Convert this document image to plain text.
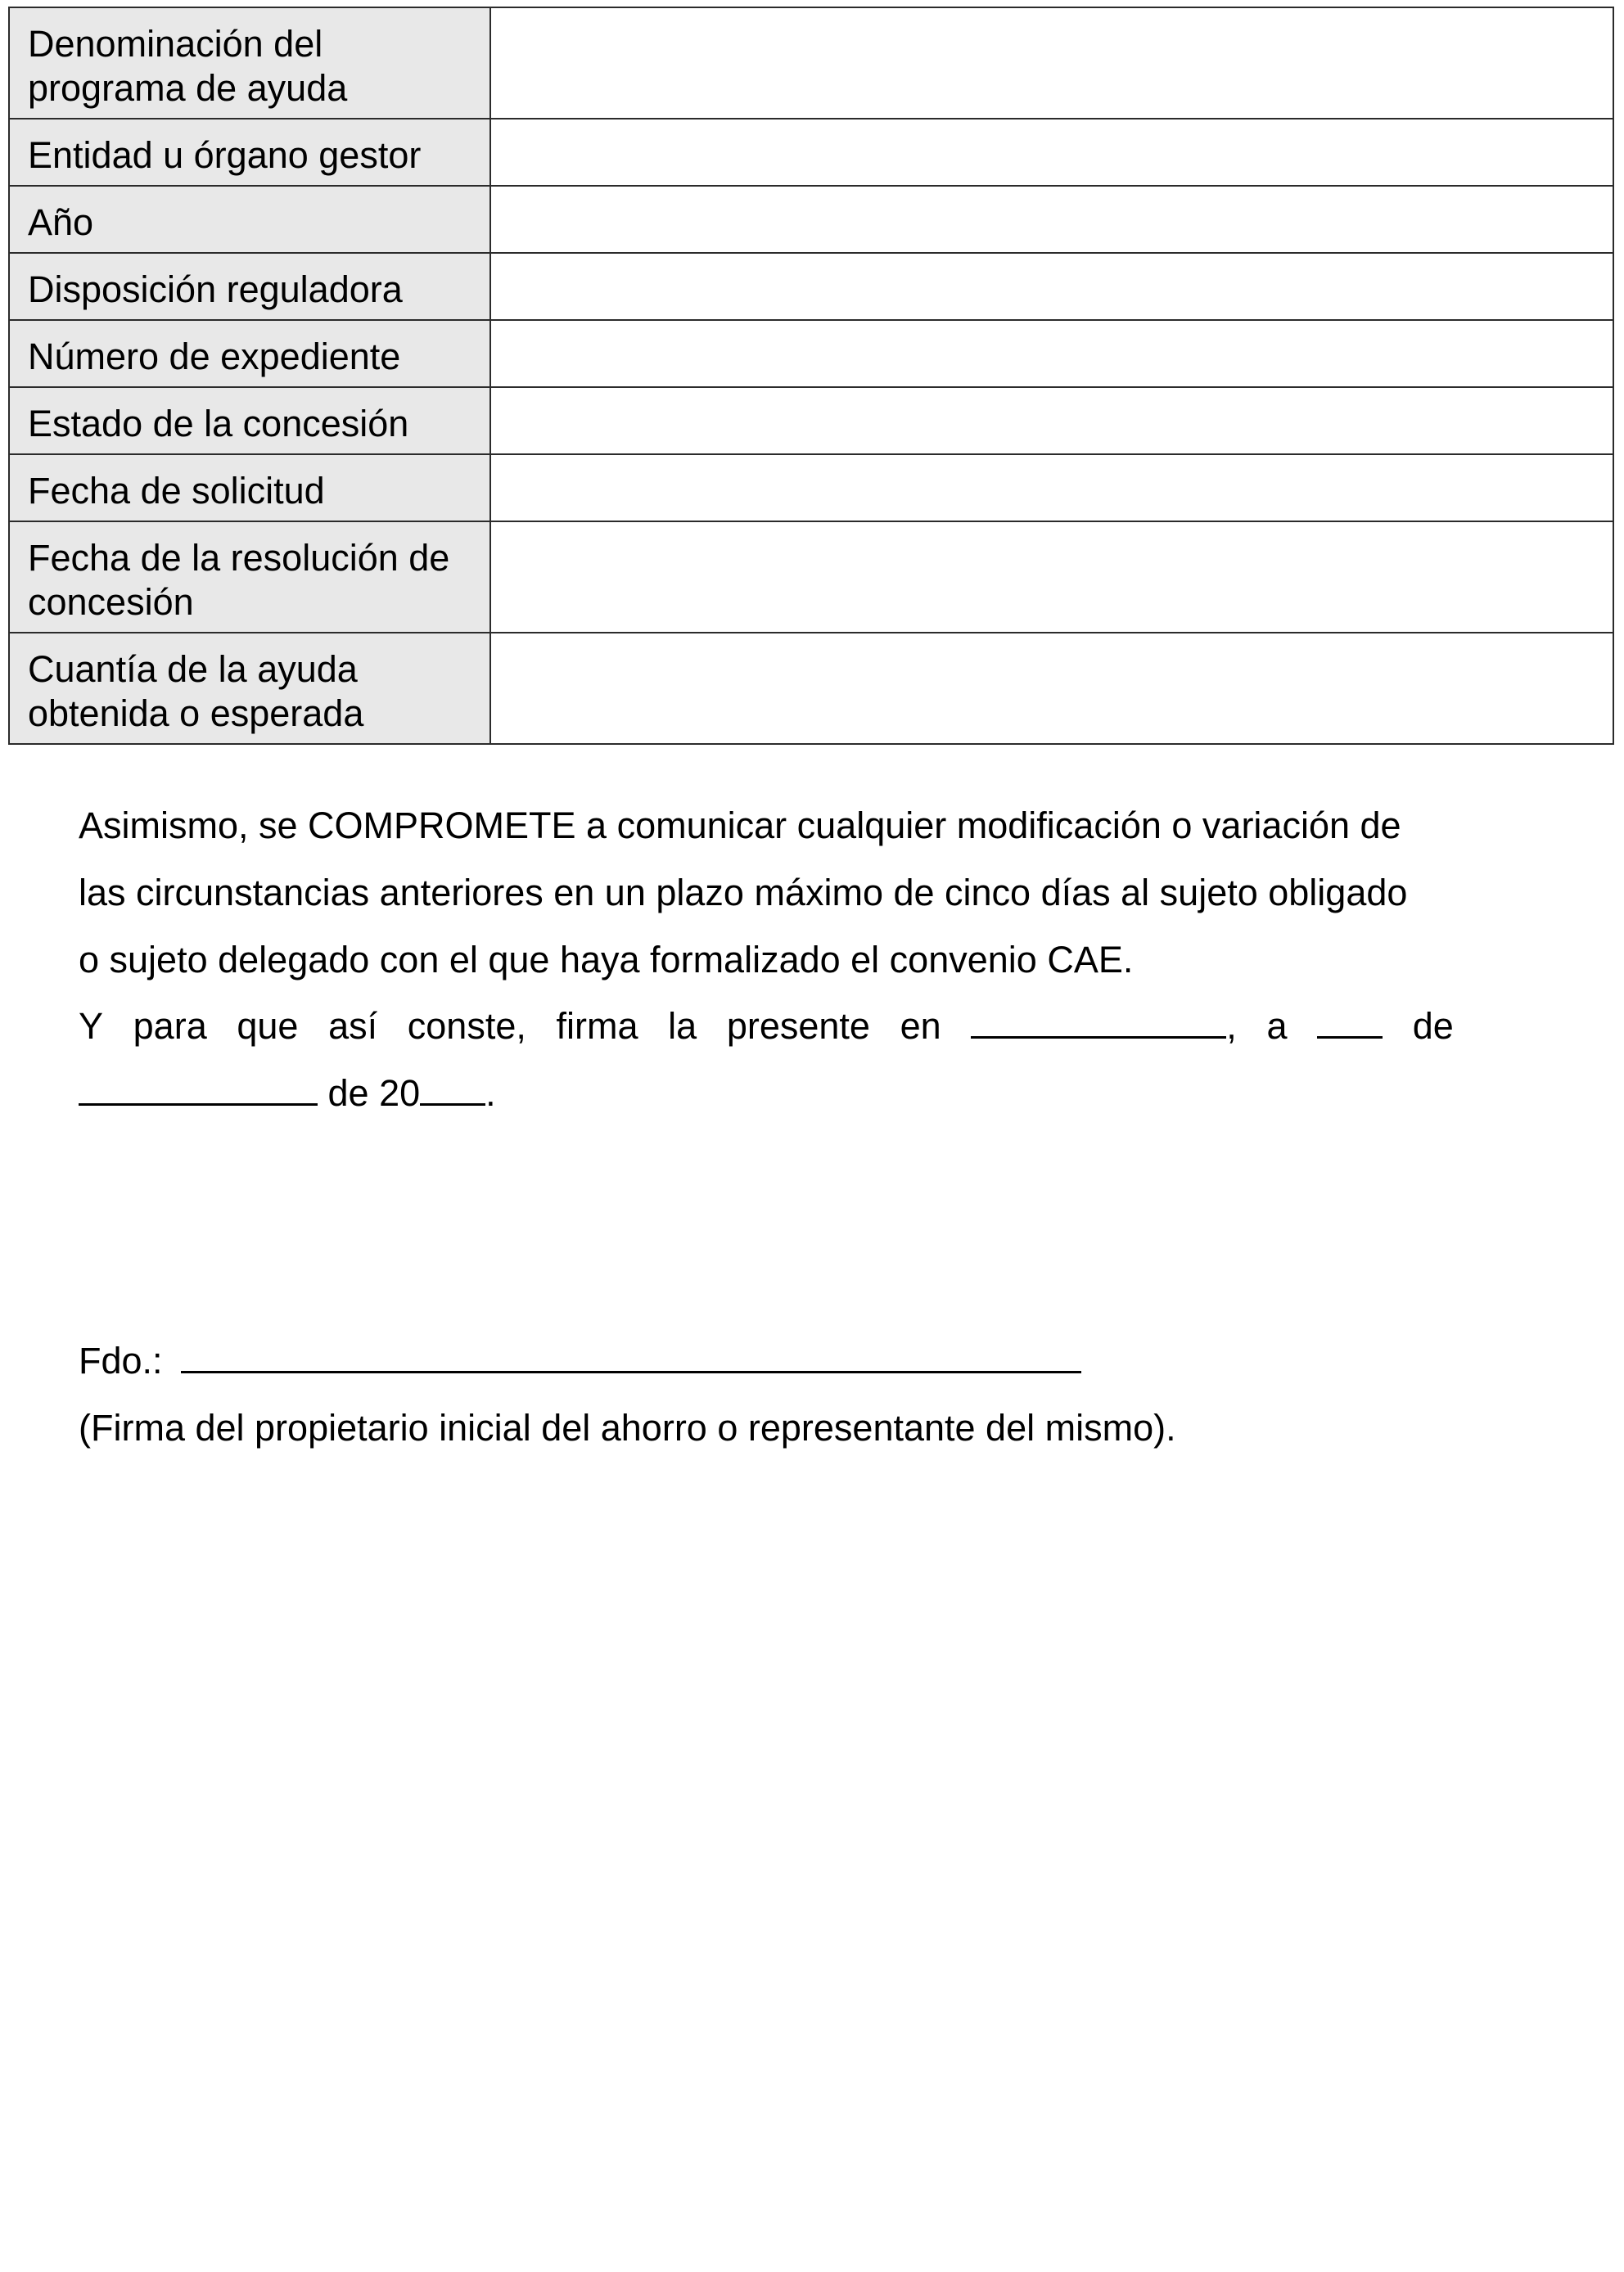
Denominación del programa de ayuda	
Entidad u órgano gestor	
Año	
Disposición reguladora	
Número de expediente	
Estado de la concesión	
Fecha de solicitud	
Fecha de la resolución de concesión	
Cuantía de la ayuda obtenida o esperada	
Asimismo, se COMPROMETE a comunicar cualquier modificación o variación de
las circunstancias anteriores en un plazo máximo de cinco días al sujeto obligado
o sujeto delegado con el que haya formalizado el convenio CAE.
Y para que así conste, firma la presente en	, a	de
de 20 .
Fdo.:
(Firma del propietario inicial del ahorro o representante del mismo).
